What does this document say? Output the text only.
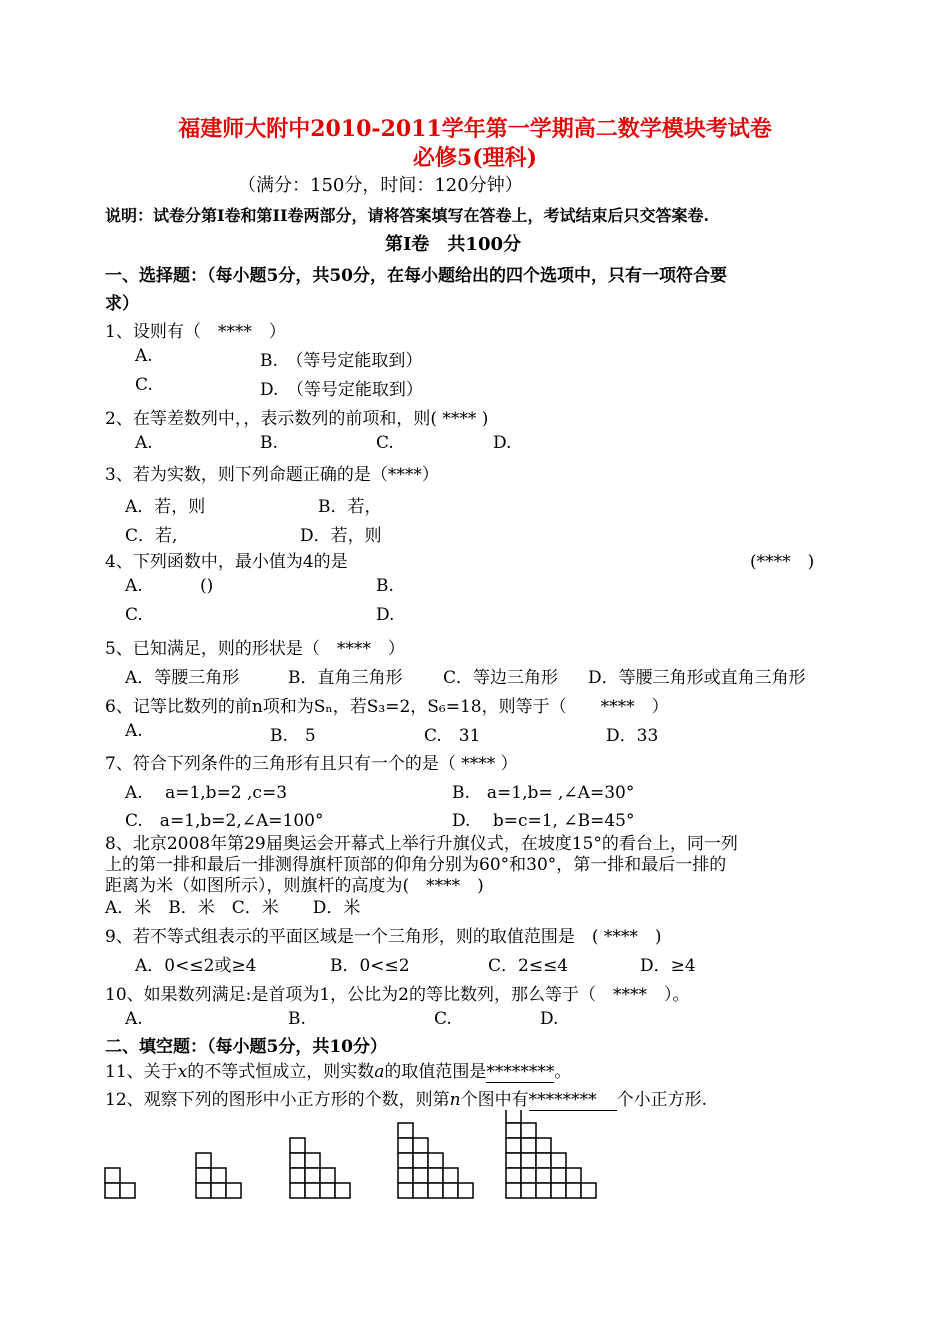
福建师大附中2010-2011学年第一学期高二数学模块考试卷
必修5(理科)
（满分：150分，时间：120分钟）
说明：试卷分第Ⅰ卷和第II卷两部分，请将答案填写在答卷上，考试结束后只交答案卷.
第Ⅰ卷　共100分
一、选择题：（每小题5分，共50分，在每小题给出的四个选项中，只有一项符合要
求）
1、设则有（　****　）
A.	B.　（等号定能取到）
C.	D.　（等号定能取到）
2、在等差数列中，，表示数列的前项和，则( **** )
A.	B.	C.	D.
3、若为实数，则下列命题正确的是（****）
A．若，则	B．若，
C．若,	D．若，则
4、下列函数中，最小值为4的是	(****　)
A.	()	B.
C.	D.
5、已知满足，则的形状是（　****　）
A．等腰三角形	B．直角三角形 C．等边三角形 D．等腰三角形或直角三角形
6、记等比数列的前n项和为Sₙ，若S₃=2，S₆=18，则等于（　　****　）
A.	B.　5	C.　31	D．33
7、符合下列条件的三角形有且只有一个的是（ **** ）
A.　 a=1,b=2 ,c=3	B.　a=1,b= ,∠A=30°
C.　a=1,b=2,∠A=100°	D.　 b=c=1, ∠B=45°
8、北京2008年第29届奥运会开幕式上举行升旗仪式，在坡度15°的看台上，同一列
上的第一排和最后一排测得旗杆顶部的仰角分别为60°和30°，第一排和最后一排的
距离为米（如图所示），则旗杆的高度为(　****　)
A．米　B．米　C．米　　D．米
9、若不等式组表示的平面区域是一个三角形，则的取值范围是　( ****　)
A．0<≤2或≥4	B．0<≤2	C．2≤≤4	D．≥4
10、如果数列满足:是首项为1，公比为2的等比数列，那么等于（　****　）。
A.	B.	C.	D.
二、填空题：（每小题5分，共10分）
11、关于x的不等式恒成立，则实数a的取值范围是********。
12、观察下列的图形中小正方形的个数，则第n个图中有********　个小正方形.
